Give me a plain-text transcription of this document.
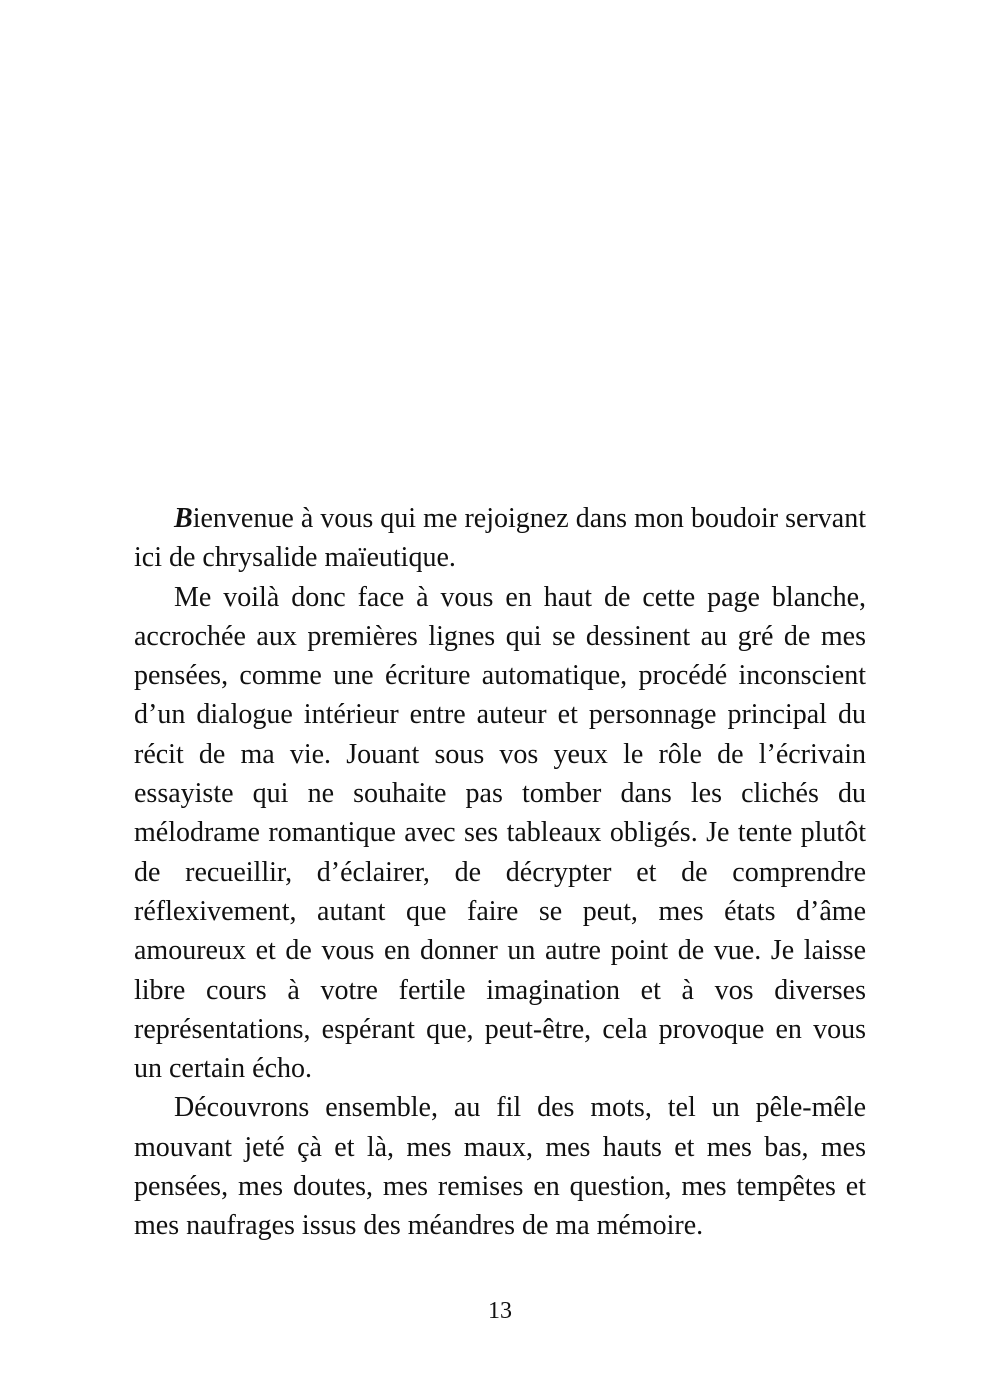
Bienvenue à vous qui me rejoignez dans mon boudoir servant ici de chrysalide maïeutique.

Me voilà donc face à vous en haut de cette page blanche, accrochée aux premières lignes qui se dessinent au gré de mes pensées, comme une écriture automatique, procédé inconscient d’un dialogue intérieur entre auteur et personnage principal du récit de ma vie. Jouant sous vos yeux le rôle de l’écrivain essayiste qui ne souhaite pas tomber dans les clichés du mélodrame romantique avec ses tableaux obligés. Je tente plutôt de recueillir, d’éclairer, de décrypter et de comprendre réflexivement, autant que faire se peut, mes états d’âme amoureux et de vous en donner un autre point de vue. Je laisse libre cours à votre fertile imagination et à vos diverses représentations, espérant que, peut-être, cela provoque en vous un certain écho.

Découvrons ensemble, au fil des mots, tel un pêle-mêle mouvant jeté çà et là, mes maux, mes hauts et mes bas, mes pensées, mes doutes, mes remises en question, mes tempêtes et mes naufrages issus des méandres de ma mémoire.

13
